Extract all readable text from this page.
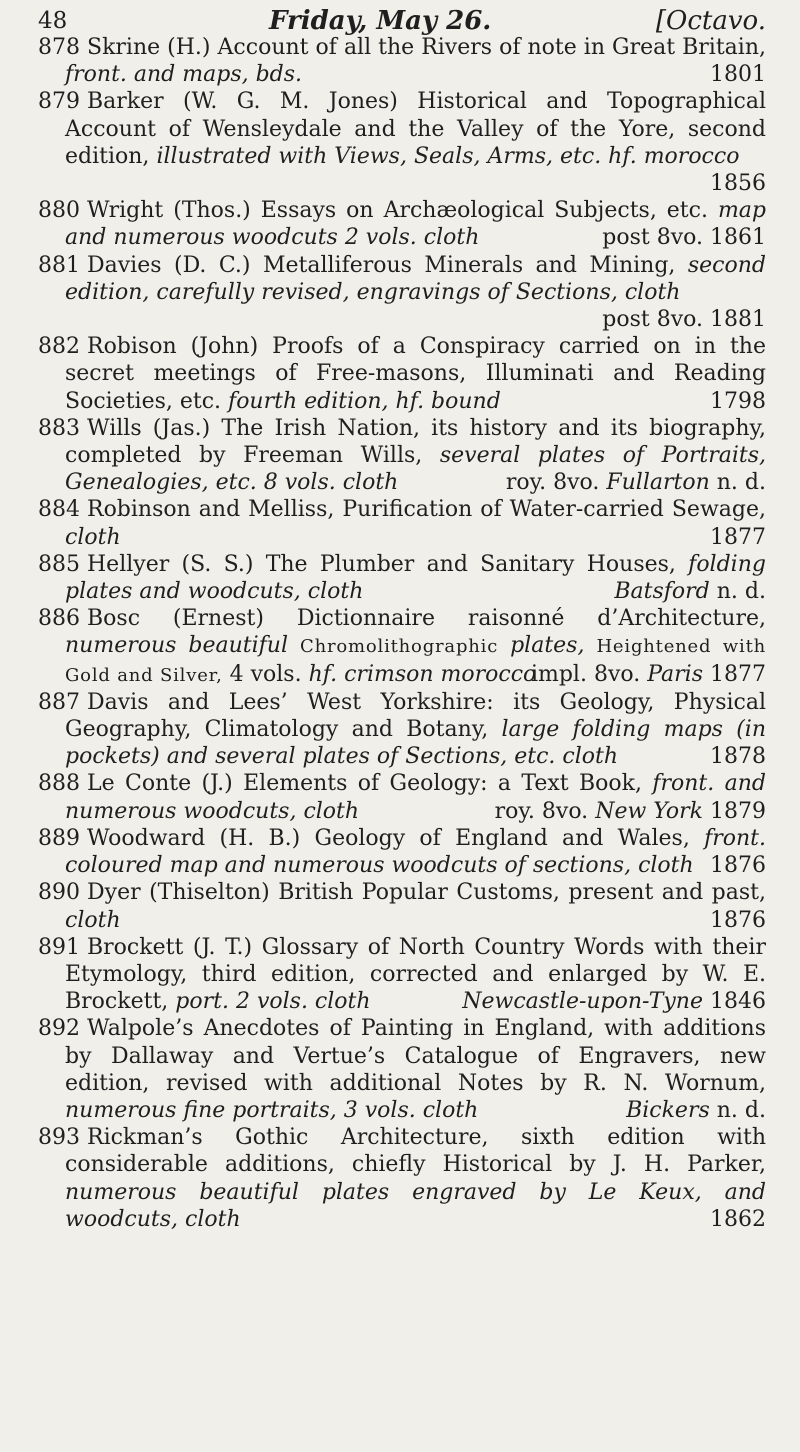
48	Friday, May 26.	[Octavo.
878 Skrine (H.) Account of all the Rivers of note in Great Britain, front. and maps, bds.	1801
879 Barker (W. G. M. Jones) Historical and Topographical Account of Wensleydale and the Valley of the Yore, second edition, illustrated with Views, Seals, Arms, etc. hf. morocco
1856
880 Wright (Thos.) Essays on Archæological Subjects, etc. map and numerous woodcuts 2 vols. cloth	post 8vo. 1861
881 Davies (D. C.) Metalliferous Minerals and Mining, second edition, carefully revised, engravings of Sections, cloth
post 8vo. 1881
882 Robison (John) Proofs of a Conspiracy carried on in the secret meetings of Free-masons, Illuminati and Reading Societies, etc. fourth edition, hf. bound	1798
883 Wills (Jas.) The Irish Nation, its history and its biography, completed by Freeman Wills, several plates of Portraits, Genealogies, etc. 8 vols. cloth	roy. 8vo. Fullarton n. d.
884 Robinson and Melliss, Purification of Water-carried Sewage, cloth	1877
885 Hellyer (S. S.) The Plumber and Sanitary Houses, folding plates and woodcuts, cloth	Batsford n. d.
886 Bosc (Ernest) Dictionnaire raisonné d’Architecture, numerous beautiful Chromolithographic plates, Heightened with Gold and Silver, 4 vols. hf. crimson morocco
impl. 8vo. Paris 1877
887 Davis and Lees’ West Yorkshire: its Geology, Physical Geography, Climatology and Botany, large folding maps (in pockets) and several plates of Sections, etc. cloth	1878
888 Le Conte (J.) Elements of Geology: a Text Book, front. and numerous woodcuts, cloth	roy. 8vo. New York 1879
889 Woodward (H. B.) Geology of England and Wales, front. coloured map and numerous woodcuts of sections, cloth 1876
890 Dyer (Thiselton) British Popular Customs, present and past, cloth	1876
891 Brockett (J. T.) Glossary of North Country Words with their Etymology, third edition, corrected and enlarged by W. E. Brockett, port. 2 vols. cloth	Newcastle-upon-Tyne 1846
892 Walpole’s Anecdotes of Painting in England, with additions by Dallaway and Vertue’s Catalogue of Engravers, new edition, revised with additional Notes by R. N. Wornum, numerous fine portraits, 3 vols. cloth	Bickers n. d.
893 Rickman’s Gothic Architecture, sixth edition with considerable additions, chiefly Historical by J. H. Parker, numerous beautiful plates engraved by Le Keux, and woodcuts, cloth	1862
